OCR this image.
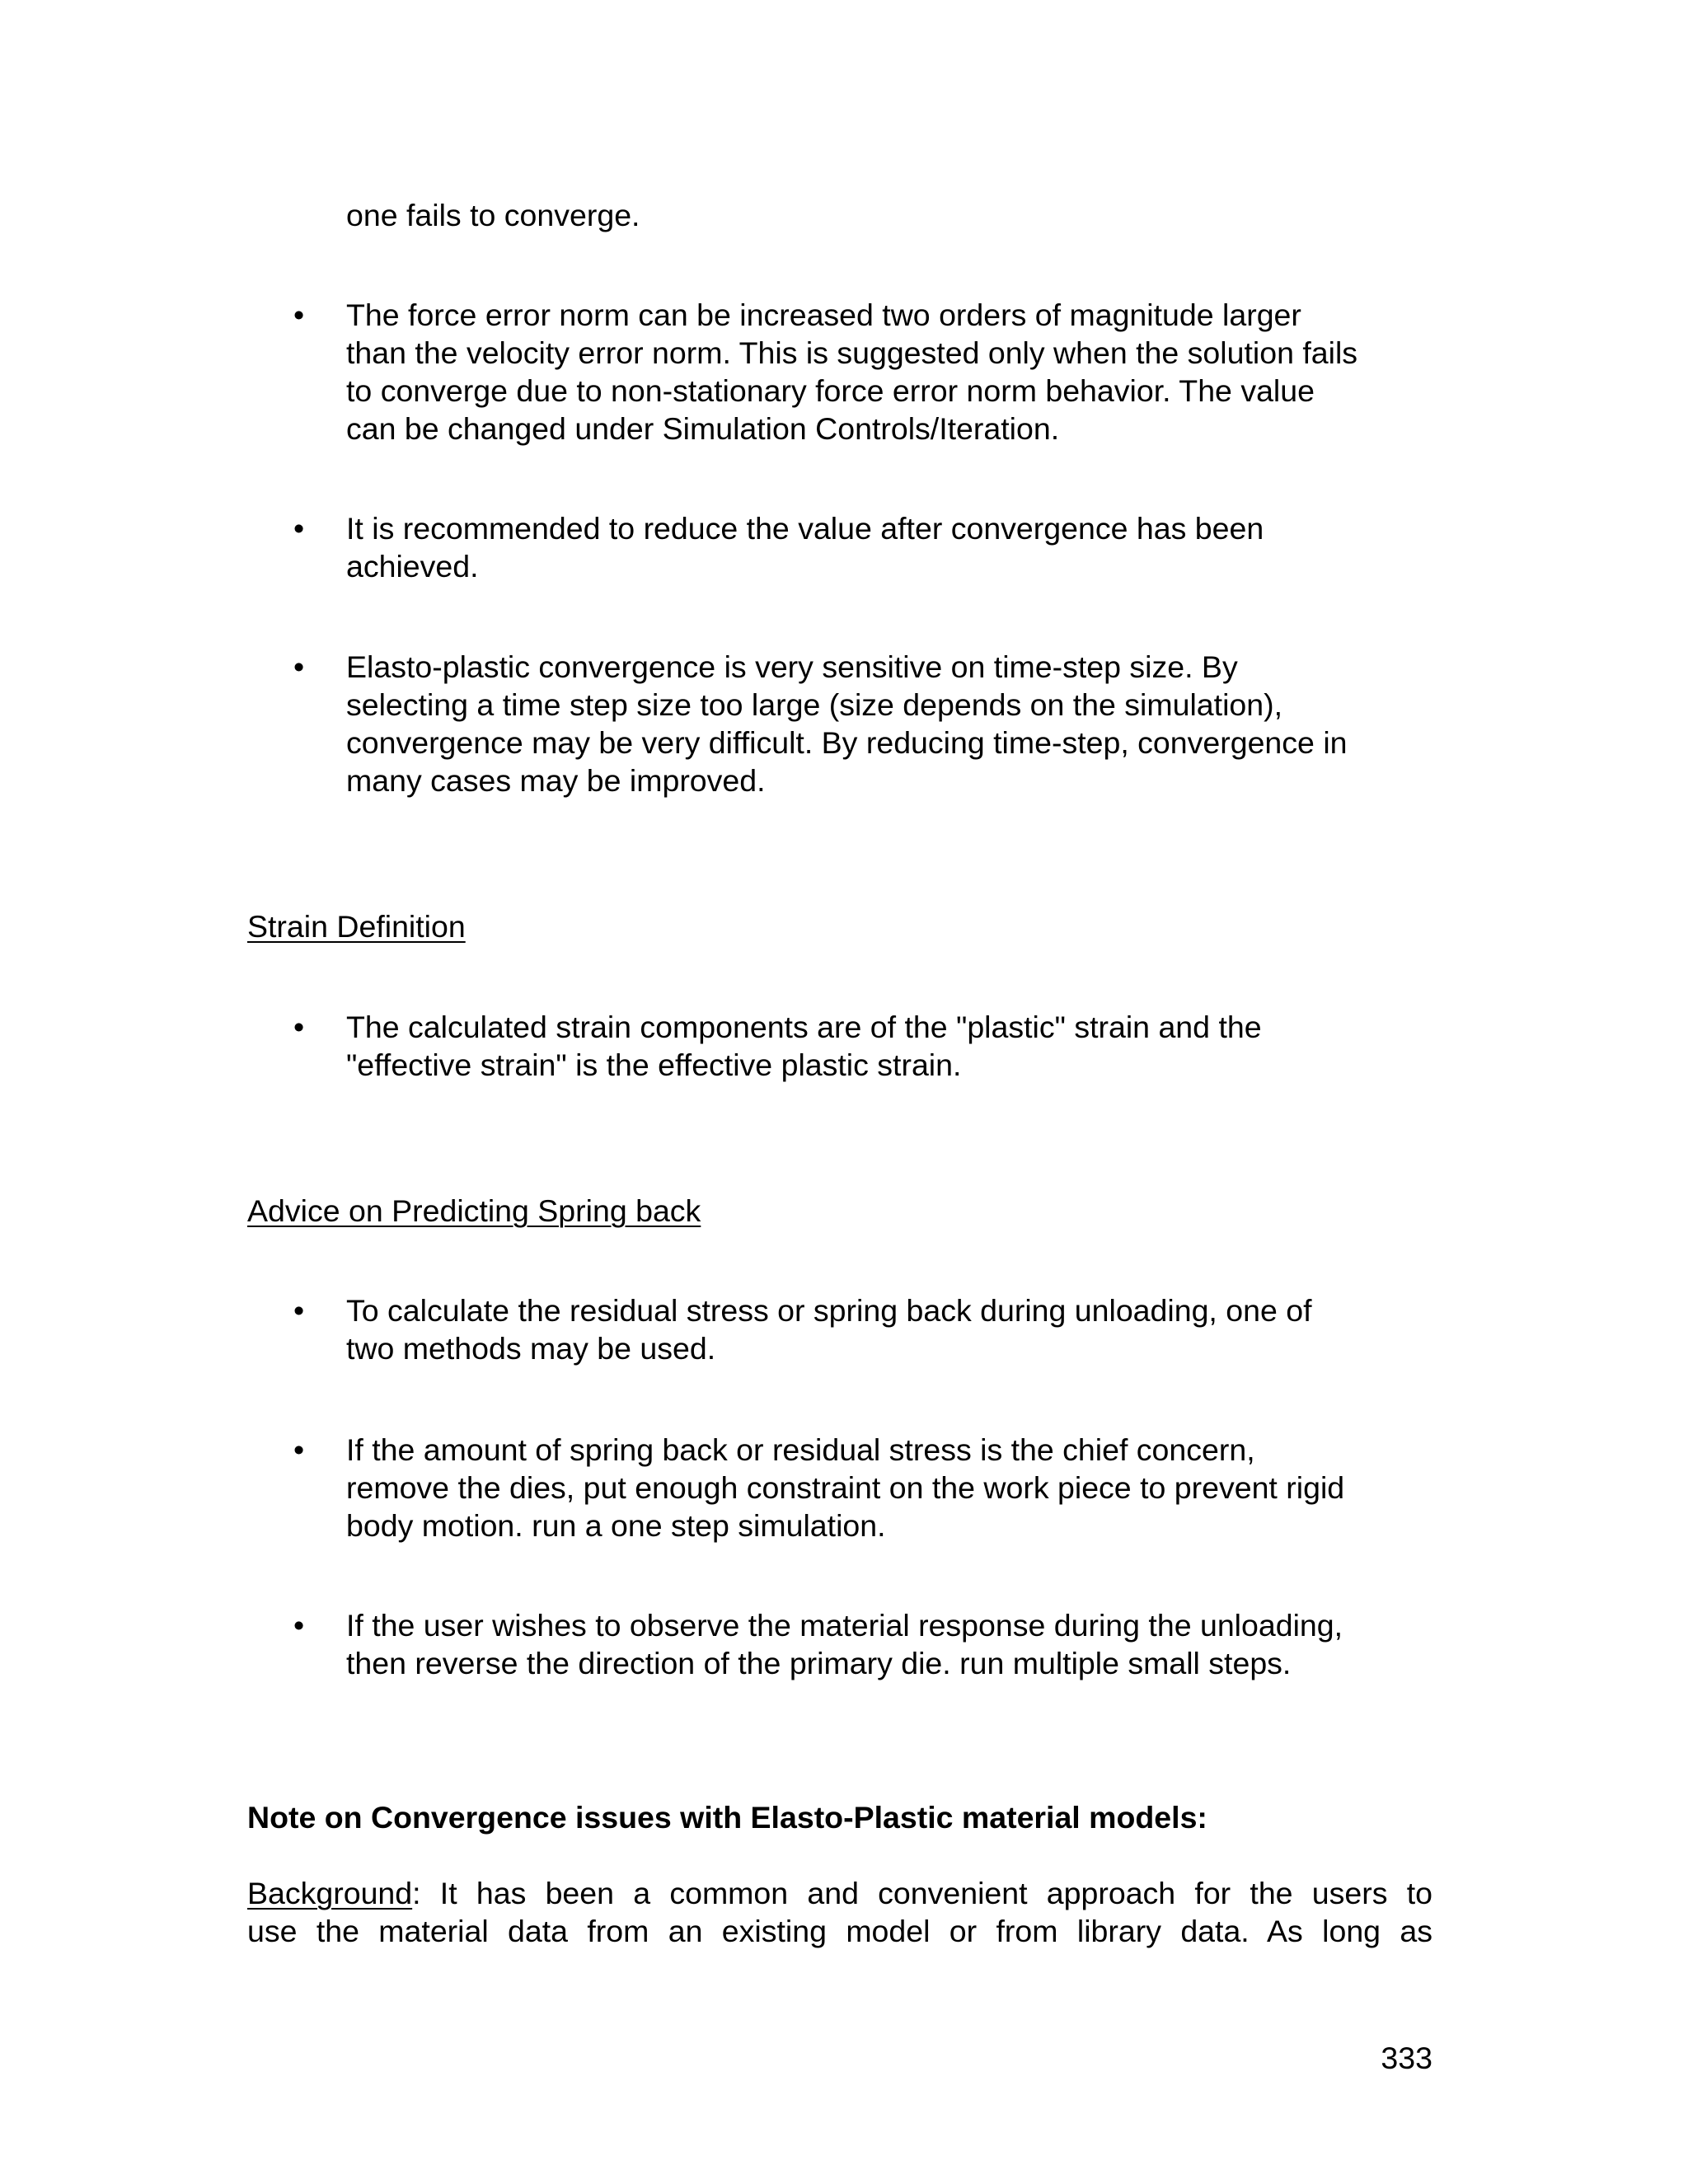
one fails to converge.
• The force error norm can be increased two orders of magnitude larger
than the velocity error norm. This is suggested only when the solution fails
to converge due to non-stationary force error norm behavior. The value
can be changed under Simulation Controls/Iteration.
• It is recommended to reduce the value after convergence has been
achieved.
• Elasto-plastic convergence is very sensitive on time-step size. By
selecting a time step size too large (size depends on the simulation),
convergence may be very difficult. By reducing time-step, convergence in
many cases may be improved.
Strain Definition
• The calculated strain components are of the "plastic" strain and the
"effective strain" is the effective plastic strain.
Advice on Predicting Spring back
• To calculate the residual stress or spring back during unloading, one of
two methods may be used.
• If the amount of spring back or residual stress is the chief concern,
remove the dies, put enough constraint on the work piece to prevent rigid
body motion. run a one step simulation.
• If the user wishes to observe the material response during the unloading,
then reverse the direction of the primary die. run multiple small steps.
Note on Convergence issues with Elasto-Plastic material models:
Background: It has been a common and convenient approach for the users to
use the material data from an existing model or from library data. As long as
333
